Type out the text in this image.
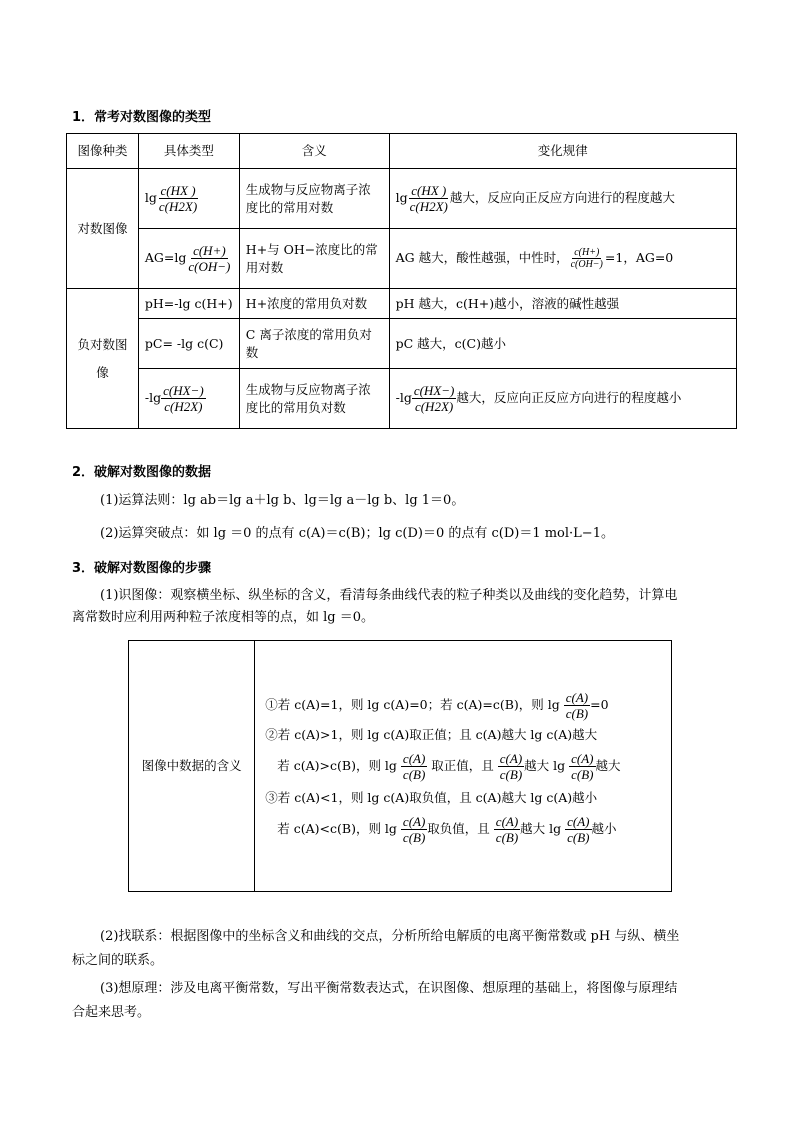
1．常考对数图像的类型
图像种类	具体类型	含义	变化规律
对数图像	$\lg \frac{c(HX )}{c(H2X)}$	生成物与反应物离子浓度比的常用对数	$\lg \frac{c(HX )}{c(H2X)}$ 越大，反应向正反应方向进行的程度越大
	$AG=\lg \frac{c(H+)}{c(OH-)}$	H+与 OH−浓度比的常用对数	AG 越大，酸性越强，中性时， $\frac{c(H+)}{c(OH-)} =1$，AG=0
负对数图像	pH=-lg c(H+)	H+浓度的常用负对数	pH 越大，c(H+)越小，溶液的碱性越强
	pC= -lg c(C)	C 离子浓度的常用负对数	pC 越大，c(C)越小
	$-\lg \frac{c(HX-)}{c(H2X)}$	生成物与反应物离子浓度比的常用负对数	$-\lg \frac{c(HX-)}{c(H2X)}$ 越大，反应向正反应方向进行的程度越小
2．破解对数图像的数据
(1)运算法则：lg ab＝lg a＋lg b、lg＝lg a－lg b、lg 1＝0。
(2)运算突破点：如 lg ＝0 的点有 c(A)＝c(B)；lg c(D)＝0 的点有 c(D)＝1 mol·L−1。
3．破解对数图像的步骤
(1)识图像：观察横坐标、纵坐标的含义，看清每条曲线代表的粒子种类以及曲线的变化趋势，计算电
离常数时应利用两种粒子浓度相等的点，如 lg ＝0。
图像中数据的含义	
①若 c(A)=1，则 lg c(A)=0；若 c(A)=c(B)，则 $\lg \frac{c(A)}{c(B)} =0$
②若 c(A)>1，则 lg c(A)取正值；且 c(A)越大 lg c(A)越大
若 c(A)>c(B)，则 $\lg \frac{c(A)}{c(B)}$ 取正值，且 $\frac{c(A)}{c(B)}$ 越大 $\lg \frac{c(A)}{c(B)}$ 越大
③若 c(A)<1，则 lg c(A)取负值，且 c(A)越大 lg c(A)越小
若 c(A)<c(B)，则 $\lg \frac{c(A)}{c(B)}$ 取负值，且 $\frac{c(A)}{c(B)}$ 越大 $\lg \frac{c(A)}{c(B)}$ 越小
(2)找联系：根据图像中的坐标含义和曲线的交点，分析所给电解质的电离平衡常数或 pH 与纵、横坐
标之间的联系。
(3)想原理：涉及电离平衡常数，写出平衡常数表达式，在识图像、想原理的基础上，将图像与原理结
合起来思考。
